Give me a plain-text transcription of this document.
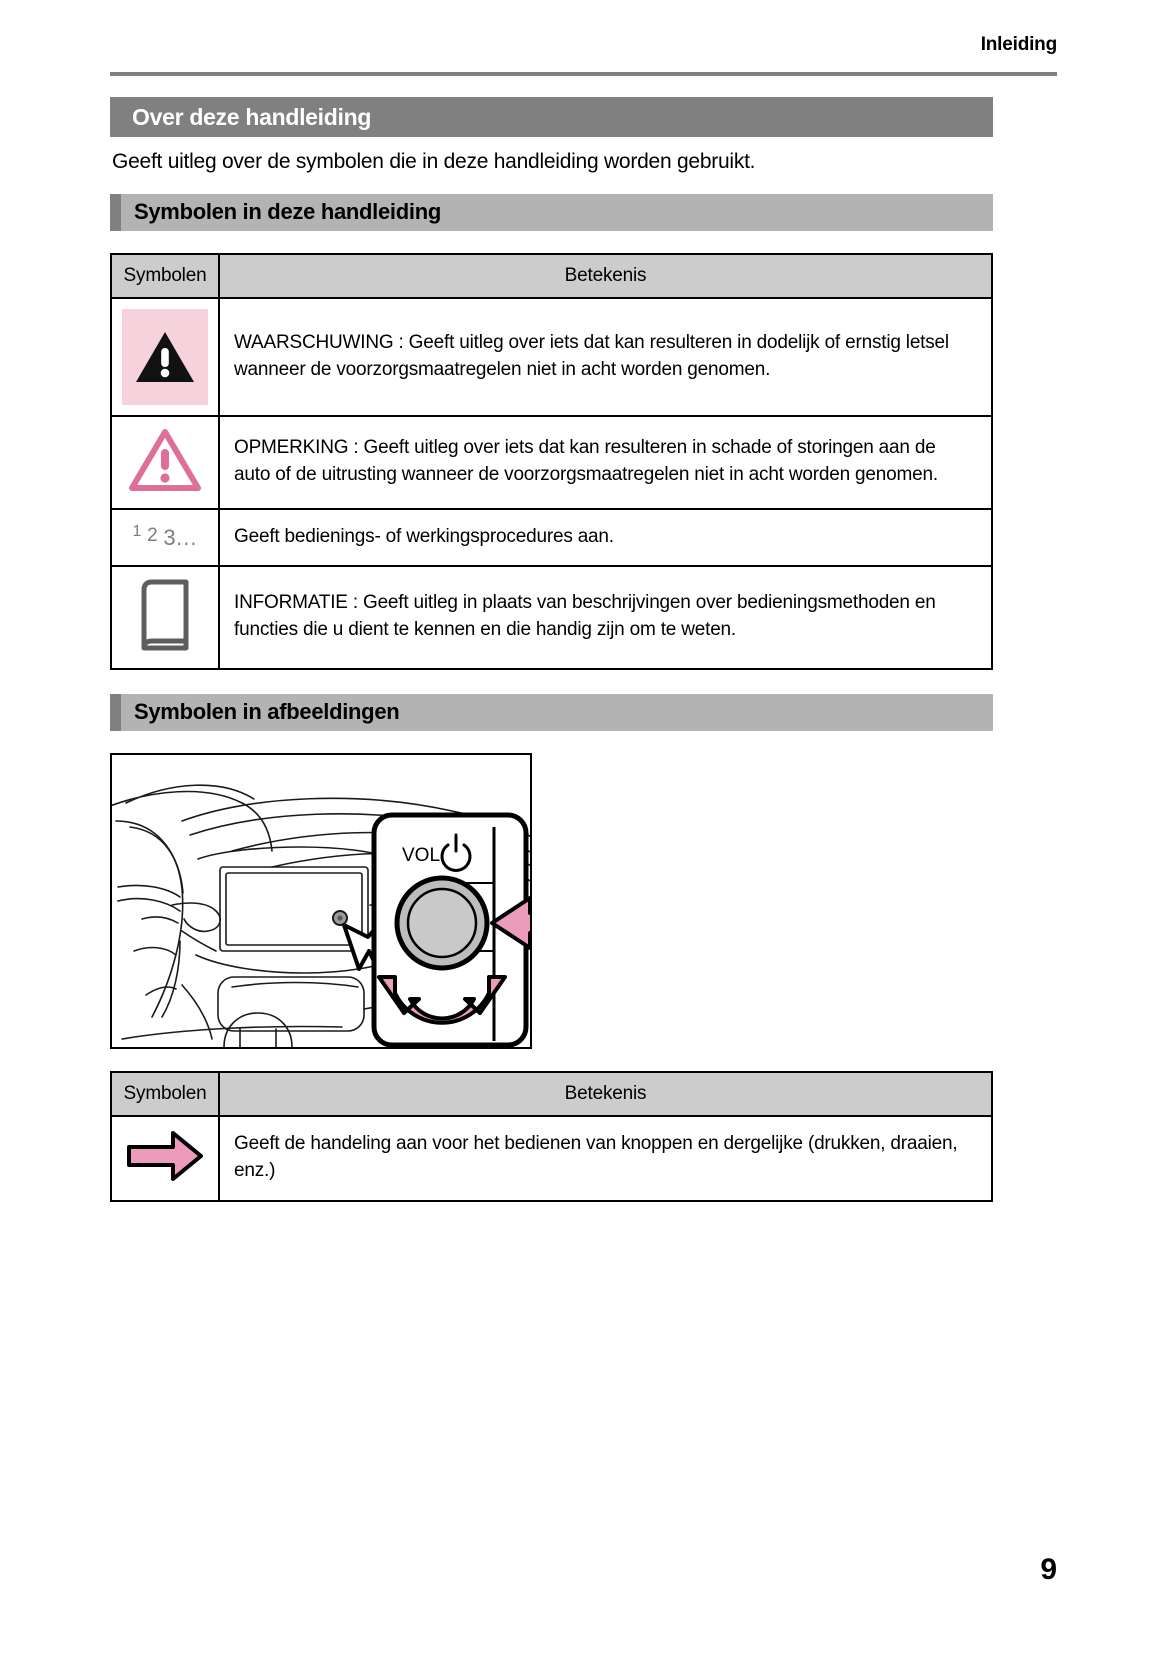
Inleiding
Over deze handleiding
Geeft uitleg over de symbolen die in deze handleiding worden gebruikt.
Symbolen in deze handleiding
Symbolen	Betekenis

	WAARSCHUWING : Geeft uitleg over iets dat kan resulteren in dodelijk of ernstig letsel wanneer de voorzorgsmaatregelen niet in acht worden genomen.
	OPMERKING : Geeft uitleg over iets dat kan resulteren in schade of storingen aan de auto of de uitrusting wanneer de voorzorgsmaatregelen niet in acht worden genomen.
1 2 3...	Geeft bedienings- of werkingsprocedures aan.
	INFORMATIE : Geeft uitleg in plaats van beschrijvingen over bedieningsmethoden en functies die u dient te kennen en die handig zijn om te weten.
Symbolen in afbeeldingen
VOL
Symbolen	Betekenis
	Geeft de handeling aan voor het bedienen van knoppen en dergelijke (drukken, draaien, enz.)
9
